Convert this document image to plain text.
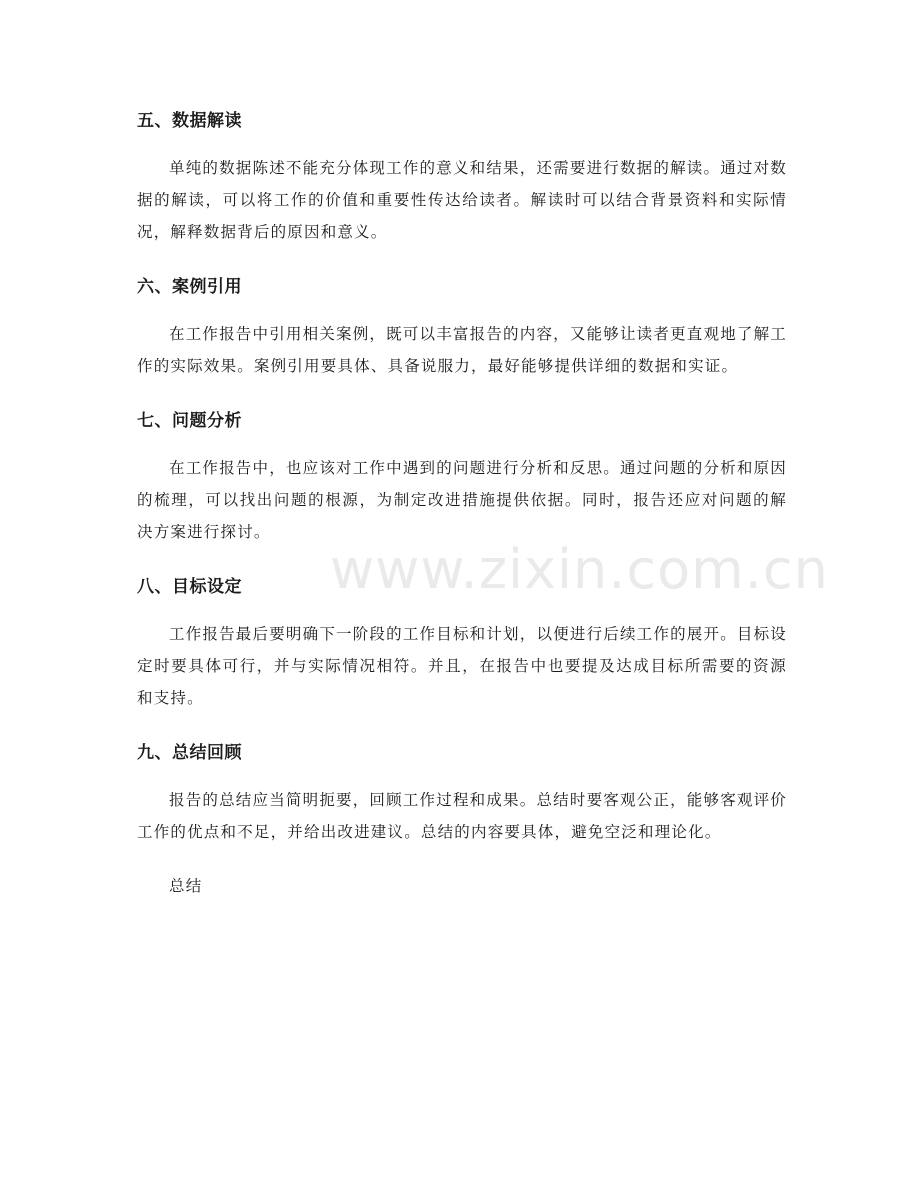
五、数据解读

单纯的数据陈述不能充分体现工作的意义和结果，还需要进行数据的解读。通过对数据的解读，可以将工作的价值和重要性传达给读者。解读时可以结合背景资料和实际情况，解释数据背后的原因和意义。

六、案例引用

在工作报告中引用相关案例，既可以丰富报告的内容，又能够让读者更直观地了解工作的实际效果。案例引用要具体、具备说服力，最好能够提供详细的数据和实证。

七、问题分析

在工作报告中，也应该对工作中遇到的问题进行分析和反思。通过问题的分析和原因的梳理，可以找出问题的根源，为制定改进措施提供依据。同时，报告还应对问题的解决方案进行探讨。

八、目标设定

工作报告最后要明确下一阶段的工作目标和计划，以便进行后续工作的展开。目标设定时要具体可行，并与实际情况相符。并且，在报告中也要提及达成目标所需要的资源和支持。

九、总结回顾

报告的总结应当简明扼要，回顾工作过程和成果。总结时要客观公正，能够客观评价工作的优点和不足，并给出改进建议。总结的内容要具体，避免空泛和理论化。

总结

www.zixin.com.cn
